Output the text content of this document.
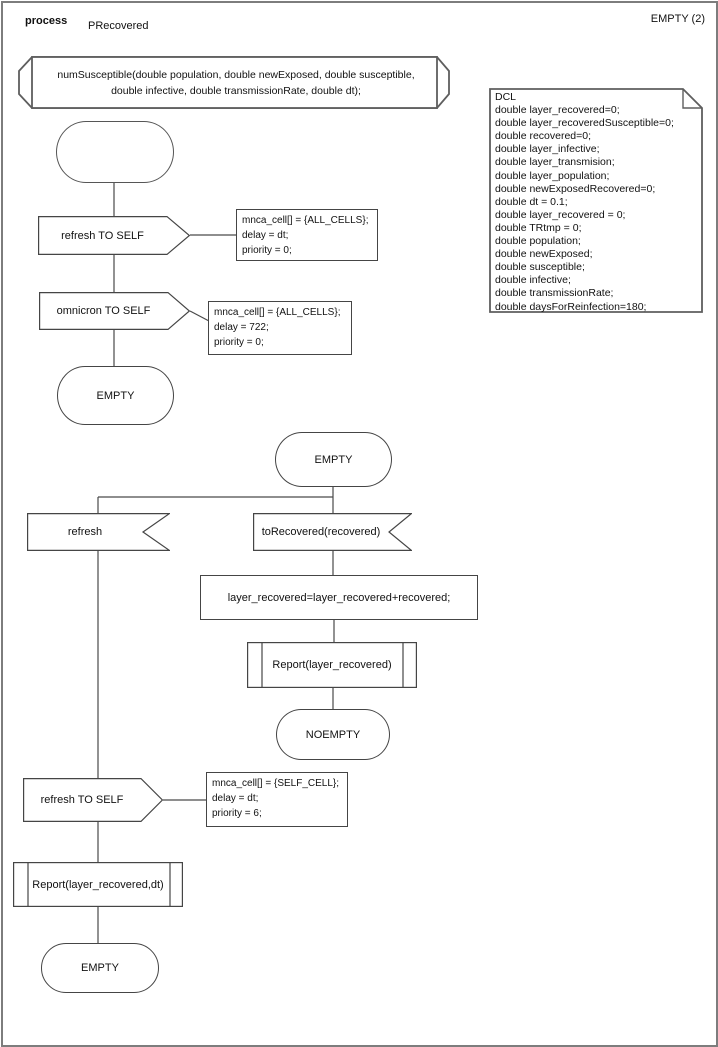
process PRecovered
EMPTY (2)
numSusceptible(double population, double newExposed, double susceptible,
double infective, double transmissionRate, double dt);	DCL
double layer_recovered=0;
double layer_recoveredSusceptible=0;
double recovered=0;
double layer_infective;
double layer_transmision;
double layer_population;
double newExposedRecovered=0;
double dt = 0.1;
double layer_recovered = 0;
double TRtmp = 0;
double population;
double newExposed;
double susceptible;
double infective;
double transmissionRate;
double daysForReinfection=180;
refresh TO SELF
mnca_cell[] = {ALL_CELLS};
delay = dt;
priority = 0;
omnicron TO SELF	mnca_cell[] = {ALL_CELLS};
delay = 722;
priority = 0;
EMPTY
EMPTY
refresh	toRecovered(recovered)
layer_recovered=layer_recovered+recovered;
Report(layer_recovered)
NOEMPTY
refresh TO SELF
mnca_cell[] = {SELF_CELL};
delay = dt;
priority = 6;
Report(layer_recovered,dt)
EMPTY
